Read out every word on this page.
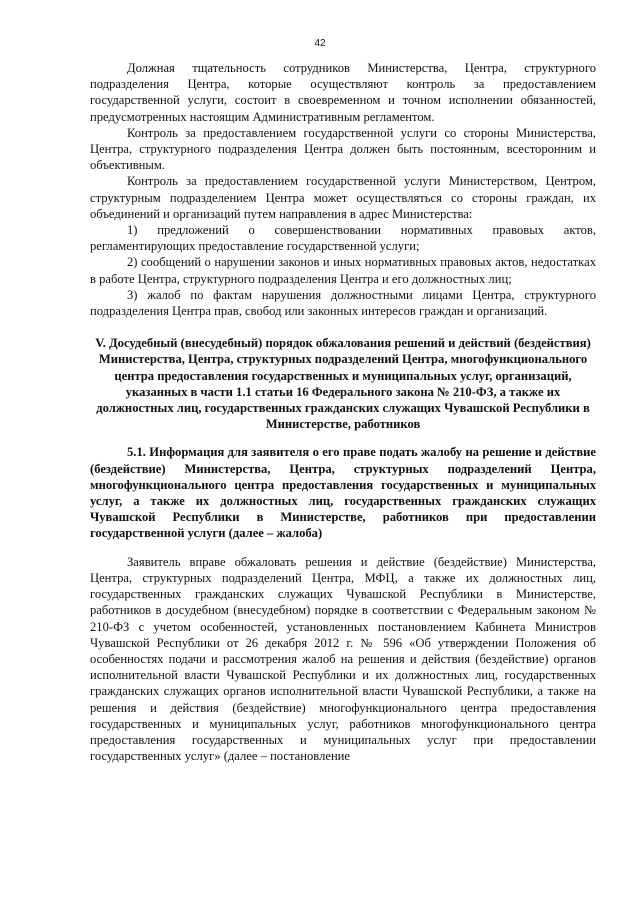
42

Должная тщательность сотрудников Министерства, Центра, структурного подразделения Центра, которые осуществляют контроль за предоставлением государственной услуги, состоит в своевременном и точном исполнении обязанностей, предусмотренных настоящим Административным регламентом.

Контроль за предоставлением государственной услуги со стороны Министерства, Центра, структурного подразделения Центра должен быть постоянным, всесторонним и объективным.

Контроль за предоставлением государственной услуги Министерством, Центром, структурным подразделением Центра может осуществляться со стороны граждан, их объединений и организаций путем направления в адрес Министерства:

1) предложений о совершенствовании нормативных правовых актов, регламентирующих предоставление государственной услуги;

2) сообщений о нарушении законов и иных нормативных правовых актов, недостатках в работе Центра, структурного подразделения Центра и его должностных лиц;

3) жалоб по фактам нарушения должностными лицами Центра, структурного подразделения Центра прав, свобод или законных интересов граждан и организаций.

V. Досудебный (внесудебный) порядок обжалования решений и действий (бездействия) Министерства, Центра, структурных подразделений Центра, многофункционального центра предоставления государственных и муниципальных услуг, организаций, указанных в части 1.1 статьи 16 Федерального закона № 210-ФЗ, а также их должностных лиц, государственных гражданских служащих Чувашской Республики в Министерстве, работников

5.1. Информация для заявителя о его праве подать жалобу на решение и действие (бездействие) Министерства, Центра, структурных подразделений Центра, многофункционального центра предоставления государственных и муниципальных услуг, а также их должностных лиц, государственных гражданских служащих Чувашской Республики в Министерстве, работников при предоставлении государственной услуги (далее – жалоба)

Заявитель вправе обжаловать решения и действие (бездействие) Министерства, Центра, структурных подразделений Центра, МФЦ, а также их должностных лиц, государственных гражданских служащих Чувашской Республики в Министерстве, работников в досудебном (внесудебном) порядке в соответствии с Федеральным законом № 210-ФЗ с учетом особенностей, установленных постановлением Кабинета Министров Чувашской Республики от 26 декабря 2012 г. № 596 «Об утверждении Положения об особенностях подачи и рассмотрения жалоб на решения и действия (бездействие) органов исполнительной власти Чувашской Республики и их должностных лиц, государственных гражданских служащих органов исполнительной власти Чувашской Республики, а также на решения и действия (бездействие) многофункционального центра предоставления государственных и муниципальных услуг, работников многофункционального центра предоставления государственных и муниципальных услуг при предоставлении государственных услуг» (далее – постановление
